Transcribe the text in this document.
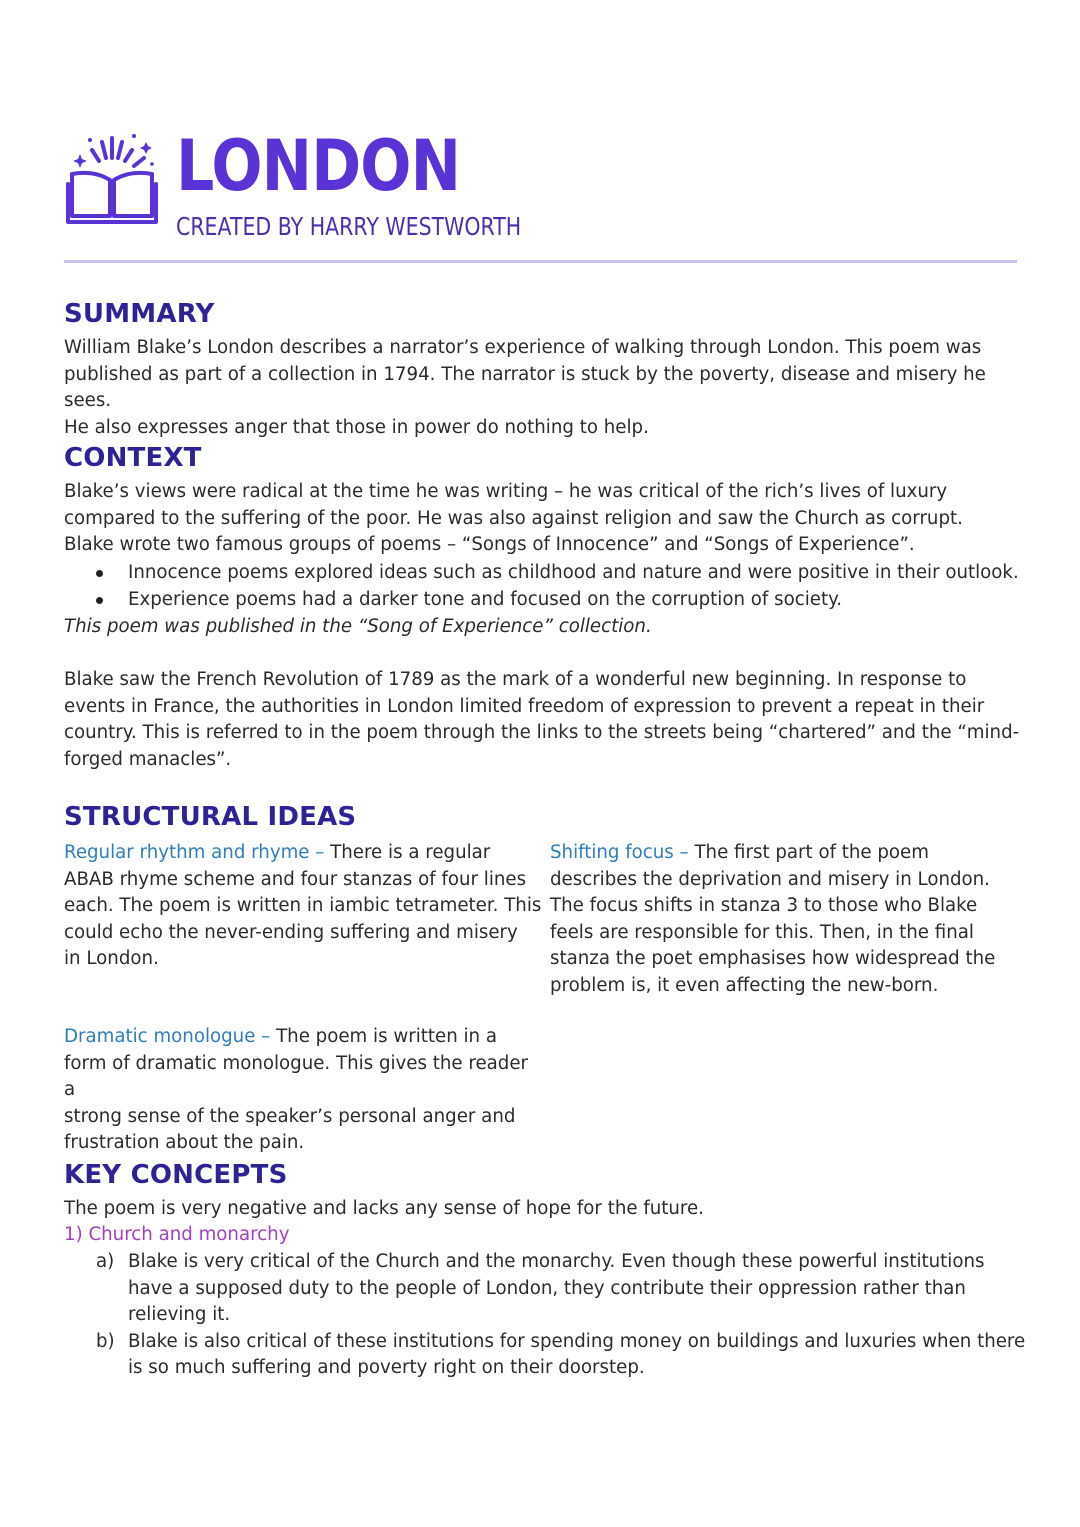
LONDON
CREATED BY HARRY WESTWORTH
SUMMARY

William Blake’s London describes a narrator’s experience of walking through London. This poem was

published as part of a collection in 1794. The narrator is stuck by the poverty, disease and misery he sees.

He also expresses anger that those in power do nothing to help.

CONTEXT

Blake’s views were radical at the time he was writing – he was critical of the rich’s lives of luxury

compared to the suffering of the poor. He was also against religion and saw the Church as corrupt.

Blake wrote two famous groups of poems – “Songs of Innocence” and “Songs of Experience”.

Innocence poems explored ideas such as childhood and nature and were positive in their outlook.
Experience poems had a darker tone and focused on the corruption of society.
This poem was published in the “Song of Experience” collection.

Blake saw the French Revolution of 1789 as the mark of a wonderful new beginning. In response to

events in France, the authorities in London limited freedom of expression to prevent a repeat in their

country. This is referred to in the poem through the links to the streets being “chartered” and the “mind-

forged manacles”.

STRUCTURAL IDEAS
Regular rhythm and rhyme – There is a regular
ABAB rhyme scheme and four stanzas of four lines
each. The poem is written in iambic tetrameter. This
could echo the never-ending suffering and misery
in London.
Shifting focus – The first part of the poem
describes the deprivation and misery in London.
The focus shifts in stanza 3 to those who Blake
feels are responsible for this. Then, in the final
stanza the poet emphasises how widespread the
problem is, it even affecting the new-born.
Dramatic monologue – The poem is written in a
form of dramatic monologue. This gives the reader a
strong sense of the speaker’s personal anger and
frustration about the pain.
KEY CONCEPTS
The poem is very negative and lacks any sense of hope for the future.
1) Church and monarchy
a) Blake is very critical of the Church and the monarchy. Even though these powerful institutions
have a supposed duty to the people of London, they contribute their oppression rather than
relieving it.
b) Blake is also critical of these institutions for spending money on buildings and luxuries when there
is so much suffering and poverty right on their doorstep.
